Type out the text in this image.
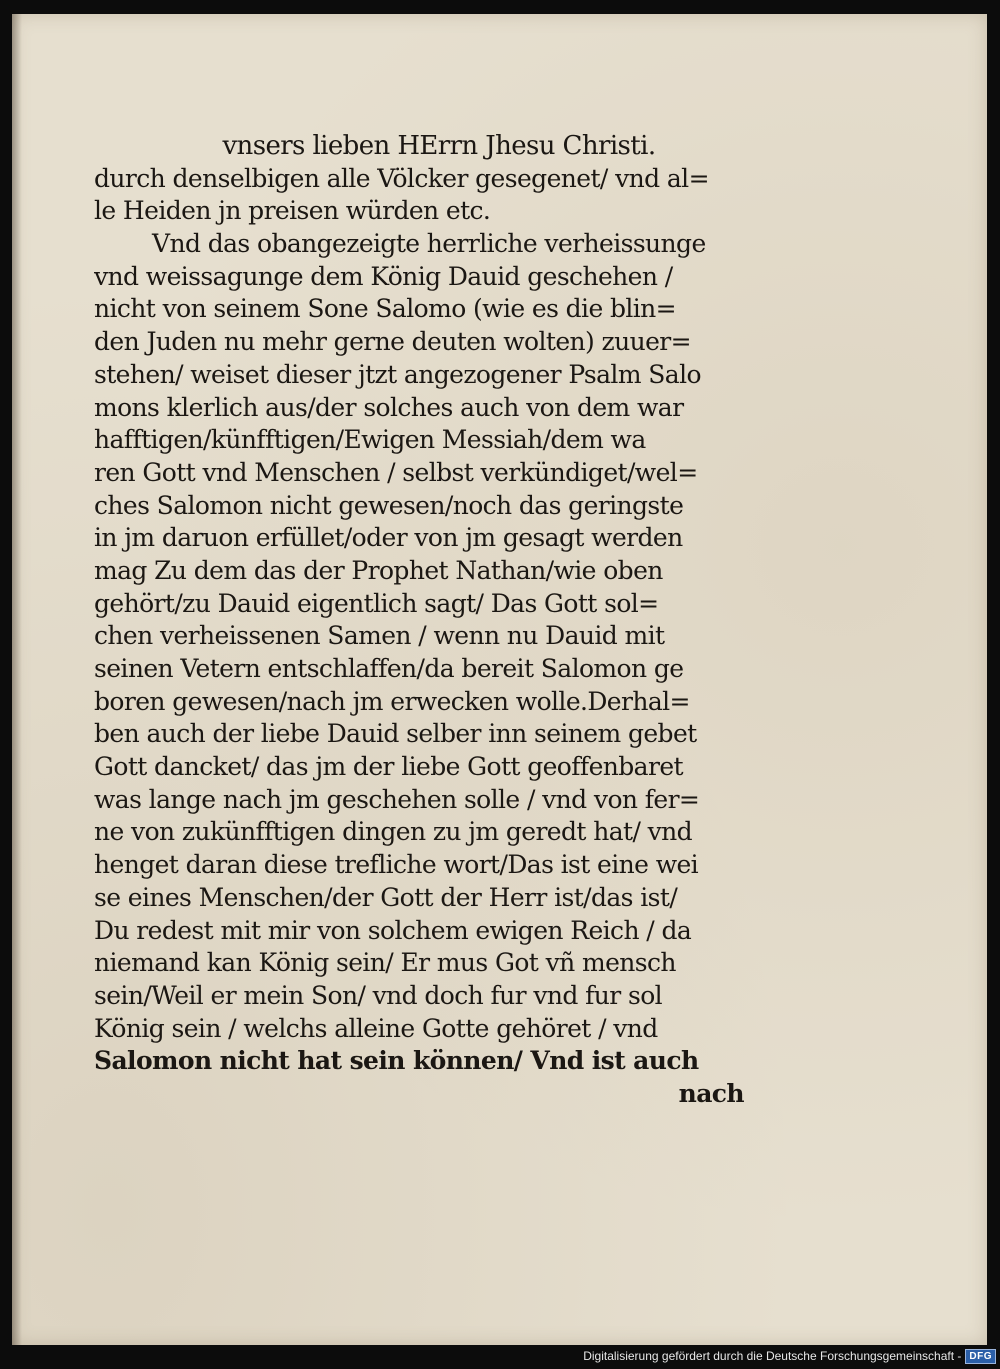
vnsers lieben HErrn Jhesu Christi.
durch denselbigen alle Völcker gesegenet/ vnd al=
le Heiden jn preisen würden etc.
Vnd das obangezeigte herrliche verheissunge
vnd weissagunge dem König Dauid geschehen /
nicht von seinem Sone Salomo (wie es die blin=
den Juden nu mehr gerne deuten wolten) zuuer=
stehen/ weiset dieser jtzt angezogener Psalm Salo
mons klerlich aus/der solches auch von dem war
hafftigen/künfftigen/Ewigen Messiah/dem wa
ren Gott vnd Menschen / selbst verkündiget/wel=
ches Salomon nicht gewesen/noch das geringste
in jm daruon erfüllet/oder von jm gesagt werden
mag Zu dem das der Prophet Nathan/wie oben
gehört/zu Dauid eigentlich sagt/ Das Gott sol=
chen verheissenen Samen / wenn nu Dauid mit
seinen Vetern entschlaffen/da bereit Salomon ge
boren gewesen/nach jm erwecken wolle.Derhal=
ben auch der liebe Dauid selber inn seinem gebet
Gott dancket/ das jm der liebe Gott geoffenbaret
was lange nach jm geschehen solle / vnd von fer=
ne von zukünfftigen dingen zu jm geredt hat/ vnd
henget daran diese trefliche wort/Das ist eine wei
se eines Menschen/der Gott der Herr ist/das ist/
Du redest mit mir von solchem ewigen Reich / da
niemand kan König sein/ Er mus Got vñ mensch
sein/Weil er mein Son/ vnd doch fur vnd fur sol
König sein / welchs alleine Gotte gehöret / vnd
Salomon nicht hat sein können/ Vnd ist auch
nach
Digitalisierung gefördert durch die Deutsche Forschungsgemeinschaft - DFG
